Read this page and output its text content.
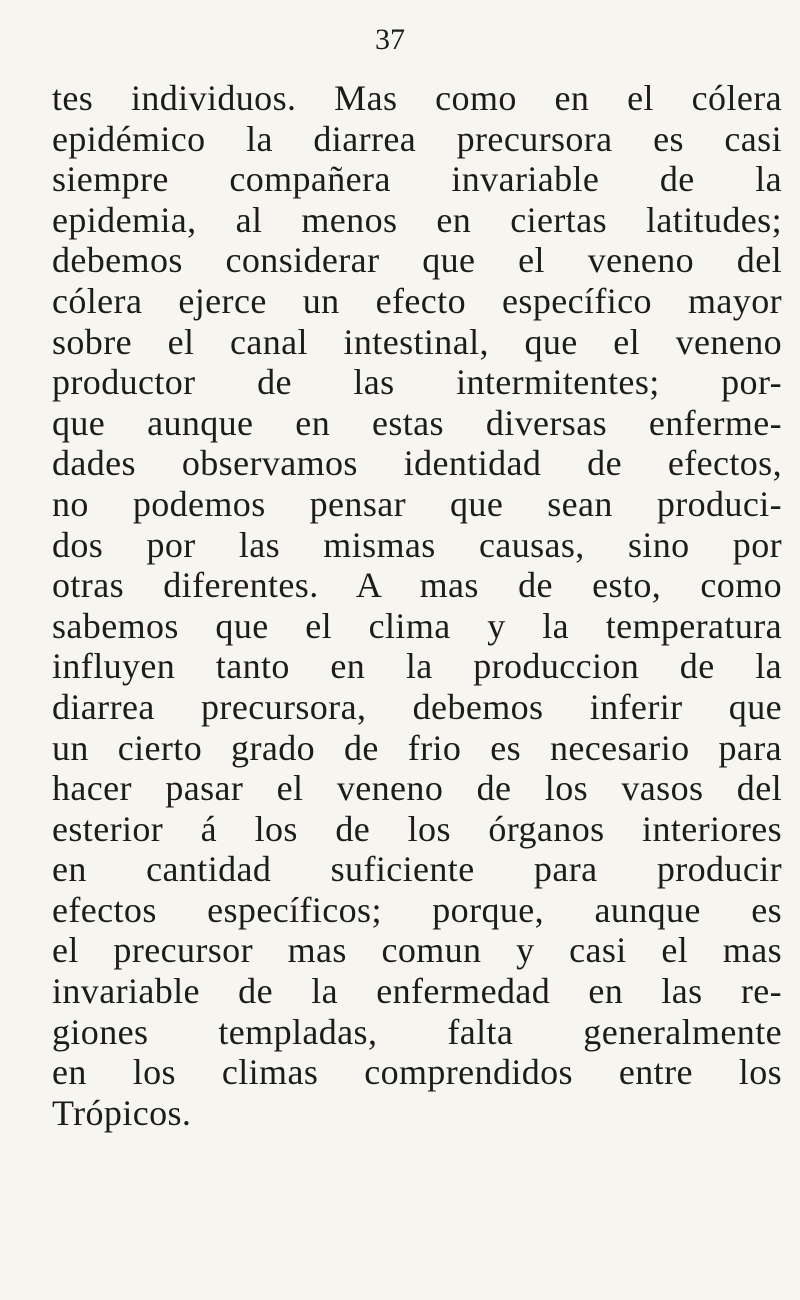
37
tes individuos. Mas como en el cólera
epidémico la diarrea precursora es casi
siempre compañera invariable de la
epidemia, al menos en ciertas latitudes;
debemos considerar que el veneno del
cólera ejerce un efecto específico mayor
sobre el canal intestinal, que el veneno
productor de las intermitentes; por-
que aunque en estas diversas enferme-
dades observamos identidad de efectos,
no podemos pensar que sean produci-
dos por las mismas causas, sino por
otras diferentes. A mas de esto, como
sabemos que el clima y la temperatura
influyen tanto en la produccion de la
diarrea precursora, debemos inferir que
un cierto grado de frio es necesario para
hacer pasar el veneno de los vasos del
esterior á los de los órganos interiores
en cantidad suficiente para producir
efectos específicos; porque, aunque es
el precursor mas comun y casi el mas
invariable de la enfermedad en las re-
giones templadas, falta generalmente
en los climas comprendidos entre los
Trópicos.
